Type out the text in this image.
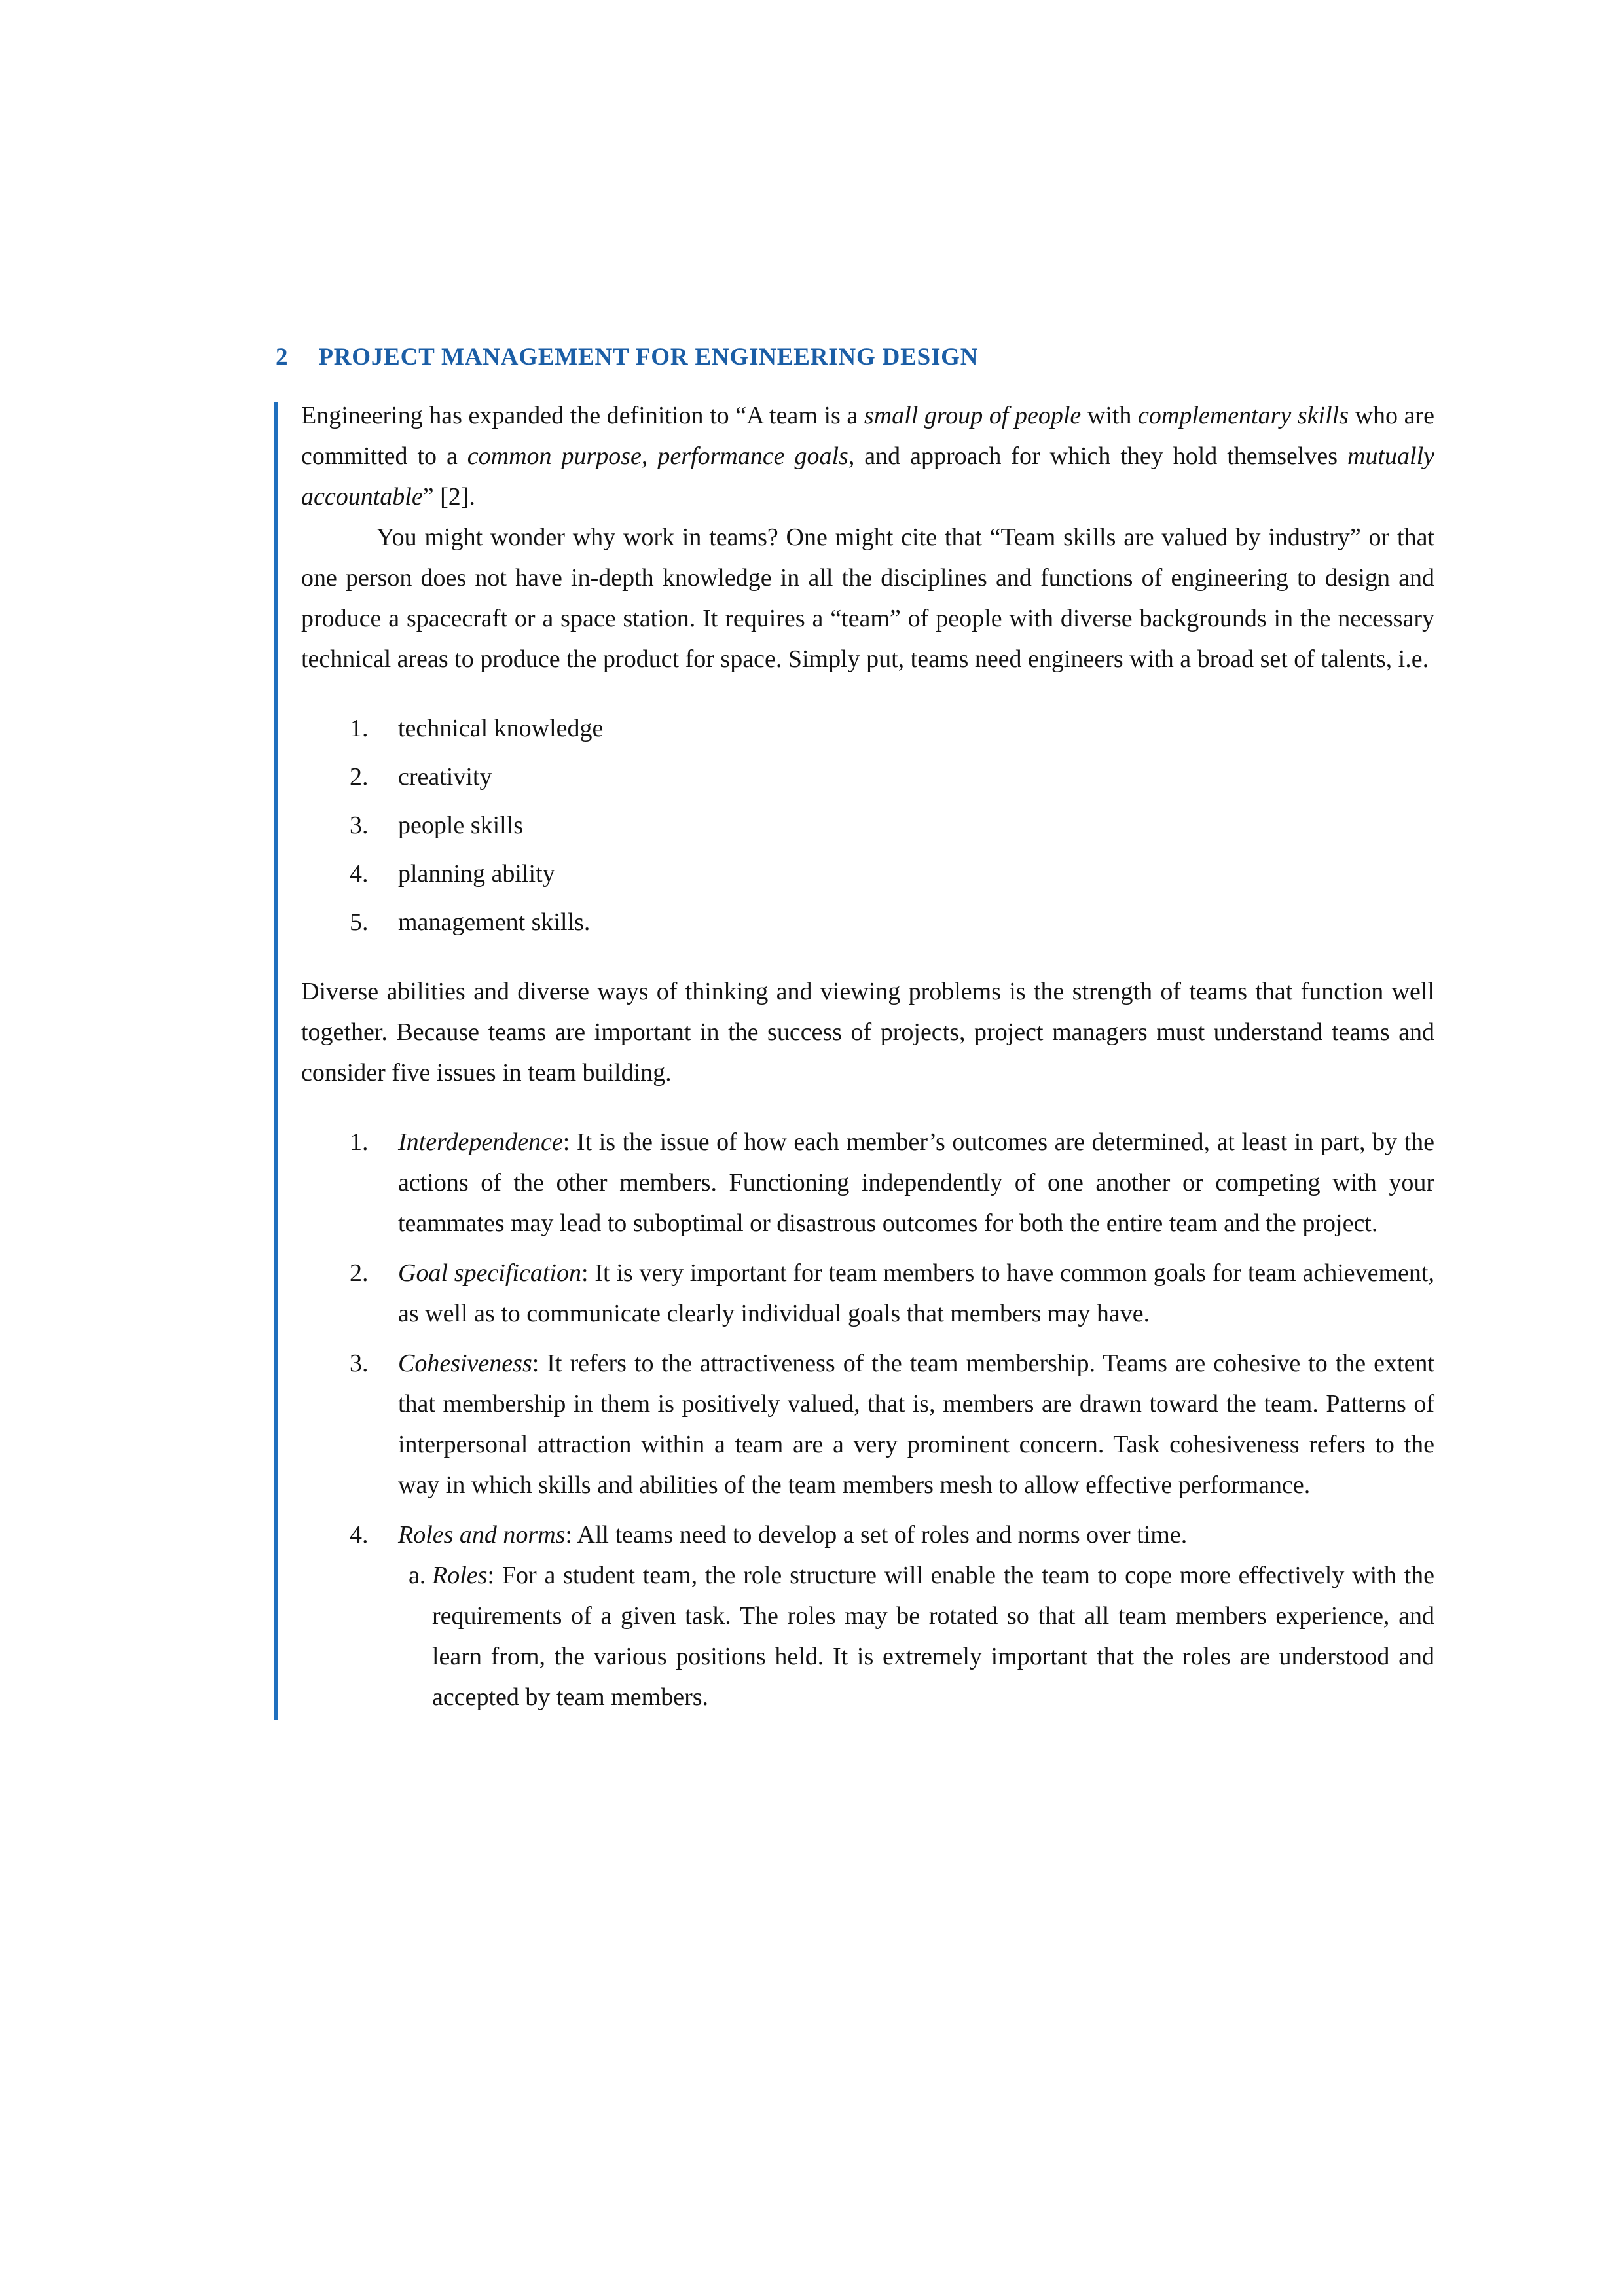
2 PROJECT MANAGEMENT FOR ENGINEERING DESIGN

Engineering has expanded the definition to “A team is a small group of people with complementary skills who are committed to a common purpose, performance goals, and approach for which they hold themselves mutually accountable” [2].

You might wonder why work in teams? One might cite that “Team skills are valued by industry” or that one person does not have in-depth knowledge in all the disciplines and functions of engineering to design and produce a spacecraft or a space station. It requires a “team” of people with diverse backgrounds in the necessary technical areas to produce the product for space. Simply put, teams need engineers with a broad set of talents, i.e.

1. technical knowledge
2. creativity
3. people skills
4. planning ability
5. management skills.

Diverse abilities and diverse ways of thinking and viewing problems is the strength of teams that function well together. Because teams are important in the success of projects, project managers must understand teams and consider five issues in team building.

1. Interdependence: It is the issue of how each member’s outcomes are determined, at least in part, by the actions of the other members. Functioning independently of one another or competing with your teammates may lead to suboptimal or disastrous outcomes for both the entire team and the project.
2. Goal specification: It is very important for team members to have common goals for team achievement, as well as to communicate clearly individual goals that members may have.
3. Cohesiveness: It refers to the attractiveness of the team membership. Teams are cohesive to the extent that membership in them is positively valued, that is, members are drawn toward the team. Patterns of interpersonal attraction within a team are a very prominent concern. Task cohesiveness refers to the way in which skills and abilities of the team members mesh to allow effective performance.
4. Roles and norms: All teams need to develop a set of roles and norms over time.
a. Roles: For a student team, the role structure will enable the team to cope more effectively with the requirements of a given task. The roles may be rotated so that all team members experience, and learn from, the various positions held. It is extremely important that the roles are understood and accepted by team members.
